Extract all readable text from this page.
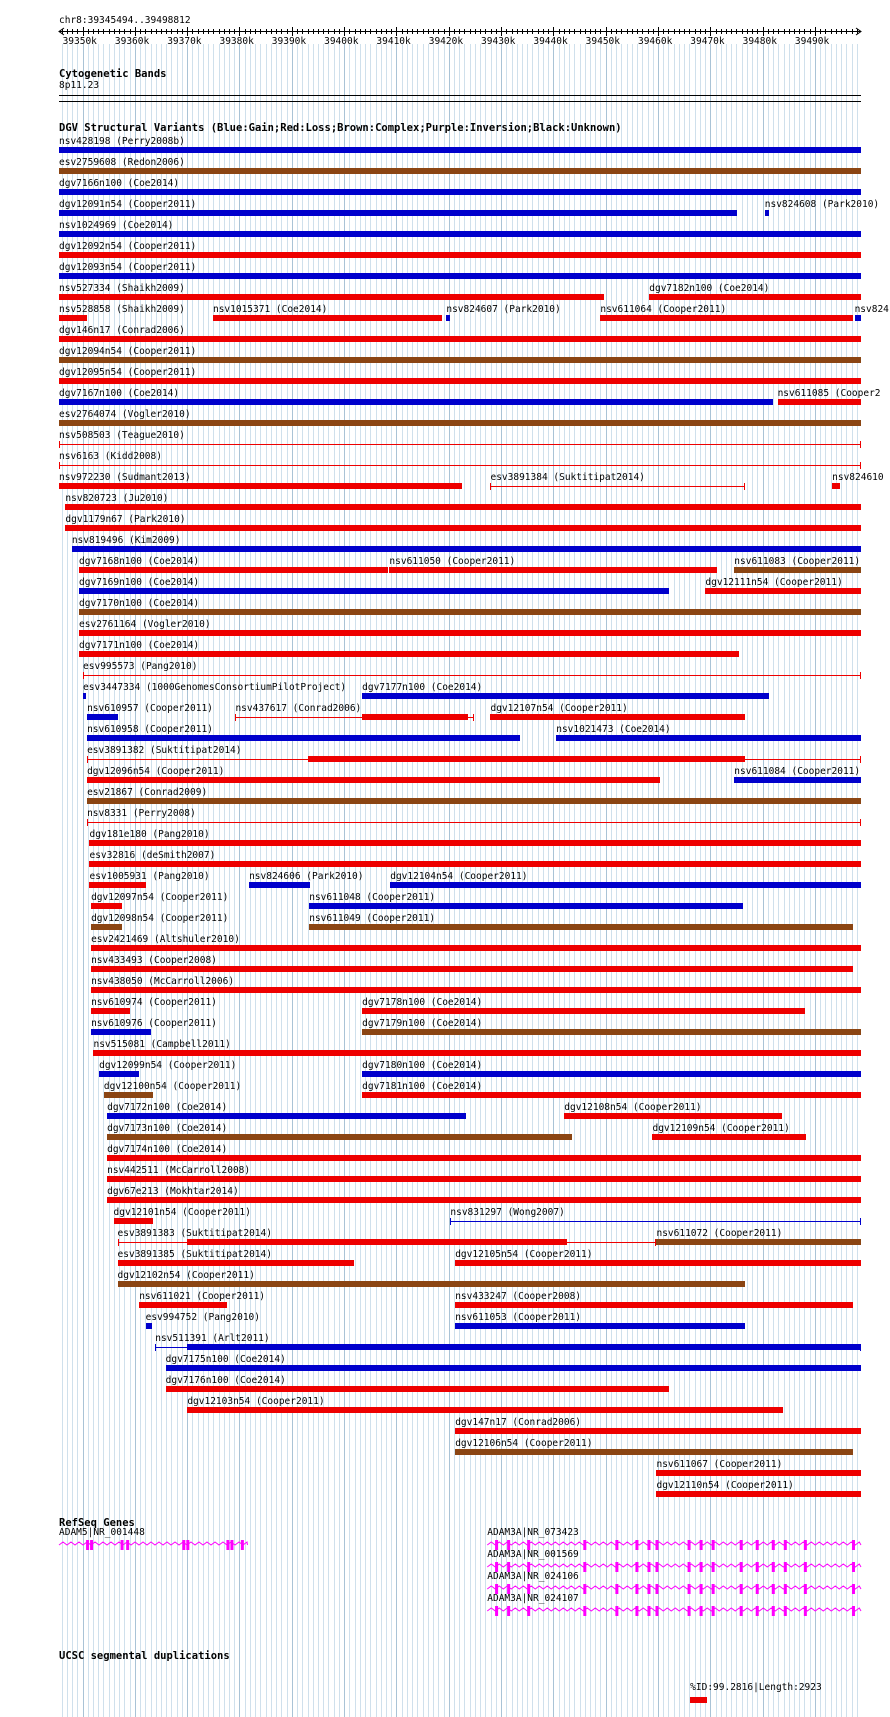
chr8:39345494..39498812
39350k 39360k 39370k 39380k 39390k 39400k 39410k 39420k 39430k 39440k 39450k 39460k 39470k 39480k 39490k
Cytogenetic Bands
8p11.23
DGV Structural Variants (Blue:Gain;Red:Loss;Brown:Complex;Purple:Inversion;Black:Unknown)
nsv428198 (Perry2008b)
esv2759608 (Redon2006)
dgv7166n100 (Coe2014)
dgv12091n54 (Cooper2011)	nsv824608 (Park2010)
nsv1024969 (Coe2014)
dgv12092n54 (Cooper2011)
dgv12093n54 (Cooper2011)
nsv527334 (Shaikh2009)	dgv7182n100 (Coe2014)
nsv528858 (Shaikh2009)	nsv1015371 (Coe2014)	nsv824607 (Park2010)	nsv611064 (Cooper2011)	nsv824
dgv146n17 (Conrad2006)
dgv12094n54 (Cooper2011)
dgv12095n54 (Cooper2011)
dgv7167n100 (Coe2014)	nsv611085 (Cooper2
esv2764074 (Vogler2010)
nsv508503 (Teague2010)
nsv6163 (Kidd2008)
nsv972230 (Sudmant2013)	esv3891384 (Suktitipat2014)	nsv824610
nsv820723 (Ju2010)
dgv1179n67 (Park2010)
nsv819496 (Kim2009)
dgv7168n100 (Coe2014)	nsv611050 (Cooper2011)	nsv611083 (Cooper2011)
dgv7169n100 (Coe2014)	dgv12111n54 (Cooper2011)
dgv7170n100 (Coe2014)
esv2761164 (Vogler2010)
dgv7171n100 (Coe2014)
esv995573 (Pang2010)
esv3447334 (1000GenomesConsortiumPilotProject) dgv7177n100 (Coe2014)
nsv610957 (Cooper2011) nsv437617 (Conrad2006)	dgv12107n54 (Cooper2011)
nsv610958 (Cooper2011)	nsv1021473 (Coe2014)
esv3891382 (Suktitipat2014)
dgv12096n54 (Cooper2011)	nsv611084 (Cooper2011)
esv21867 (Conrad2009)
nsv8331 (Perry2008)
dgv181e180 (Pang2010)
esv32816 (deSmith2007)
esv1005931 (Pang2010)	nsv824606 (Park2010)	dgv12104n54 (Cooper2011)
dgv12097n54 (Cooper2011)	nsv611048 (Cooper2011)
dgv12098n54 (Cooper2011)	nsv611049 (Cooper2011)
esv2421469 (Altshuler2010)
nsv433493 (Cooper2008)
nsv438050 (McCarroll2006)
nsv610974 (Cooper2011)	dgv7178n100 (Coe2014)
nsv610976 (Cooper2011)	dgv7179n100 (Coe2014)
nsv515081 (Campbell2011)
dgv12099n54 (Cooper2011)	dgv7180n100 (Coe2014)
dgv12100n54 (Cooper2011)	dgv7181n100 (Coe2014)
dgv7172n100 (Coe2014)	dgv12108n54 (Cooper2011)
dgv7173n100 (Coe2014)	dgv12109n54 (Cooper2011)
dgv7174n100 (Coe2014)
nsv442511 (McCarroll2008)
dgv67e213 (Mokhtar2014)
dgv12101n54 (Cooper2011)	nsv831297 (Wong2007)
esv3891383 (Suktitipat2014)	nsv611072 (Cooper2011)
esv3891385 (Suktitipat2014)	dgv12105n54 (Cooper2011)
dgv12102n54 (Cooper2011)
nsv611021 (Cooper2011)	nsv433247 (Cooper2008)
esv994752 (Pang2010)	nsv611053 (Cooper2011)
nsv511391 (Arlt2011)
dgv7175n100 (Coe2014)
dgv7176n100 (Coe2014)
dgv12103n54 (Cooper2011)
dgv147n17 (Conrad2006)
dgv12106n54 (Cooper2011)
nsv611067 (Cooper2011)
dgv12110n54 (Cooper2011)
RefSeq Genes
ADAM5|NR_001448	ADAM3A|NR_073423
ADAM3A|NR_001569
ADAM3A|NR_024106
ADAM3A|NR_024107
UCSC segmental duplications
%ID:99.2816|Length:2923
